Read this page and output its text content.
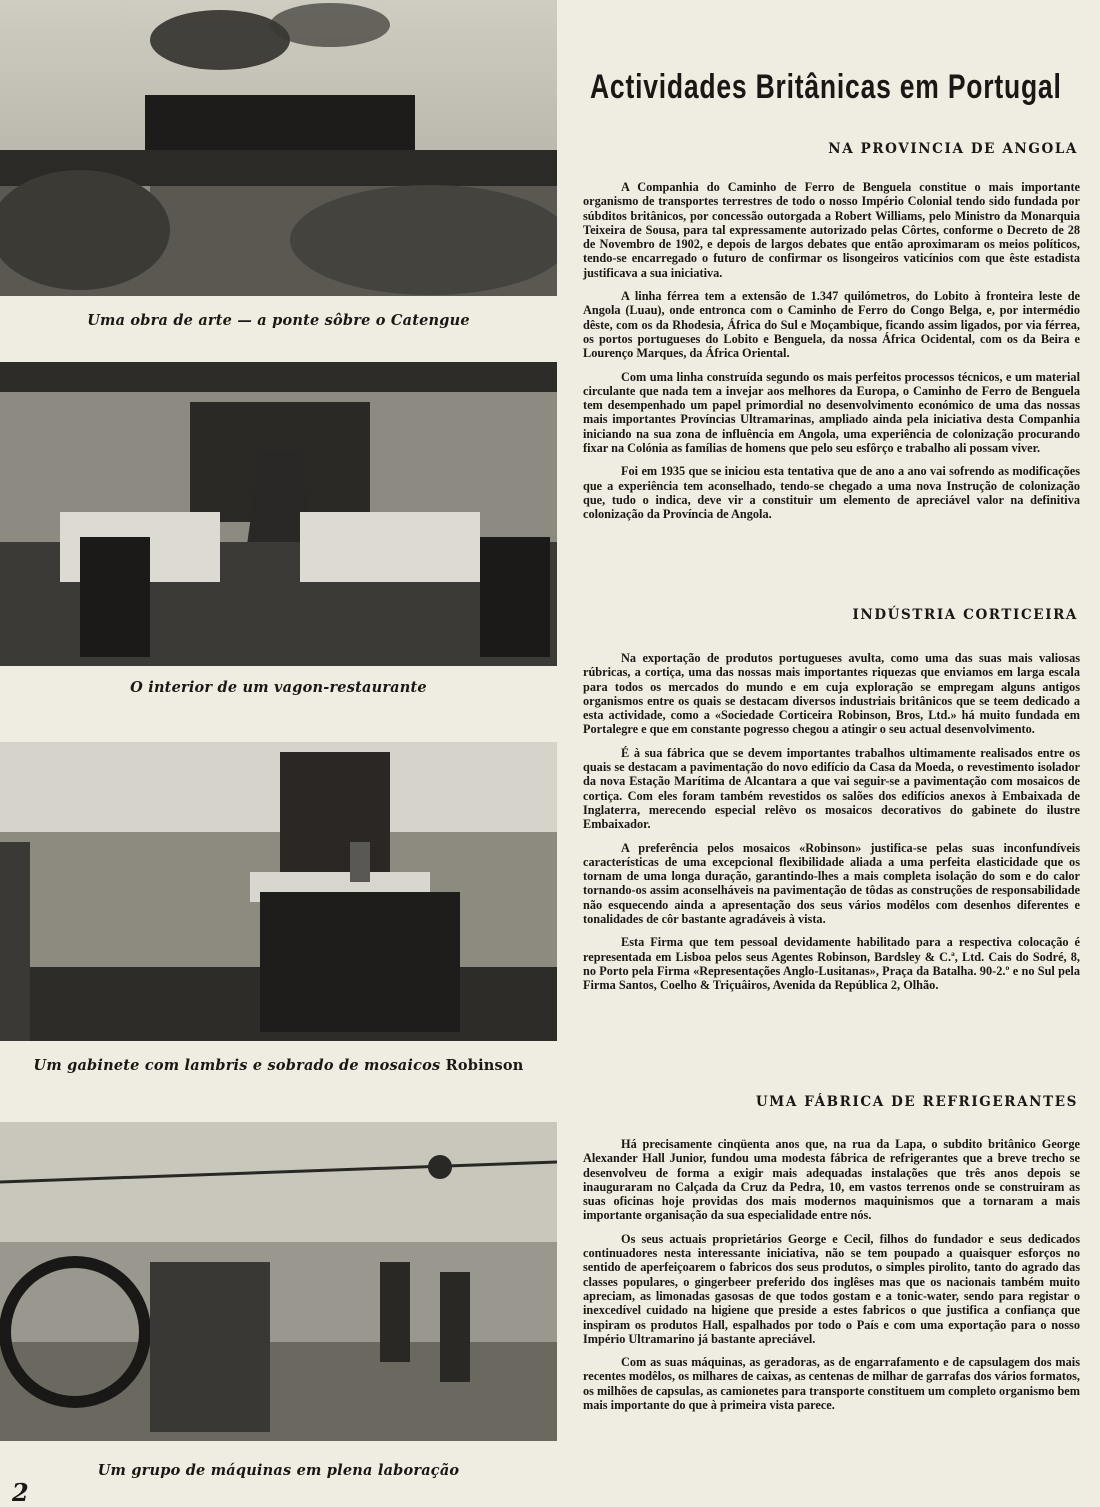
Uma obra de arte — a ponte sôbre o Catengue
O interior de um vagon-restaurante
Um gabinete com lambris e sobrado de mosaicos Robinson
Um grupo de máquinas em plena laboração
2
Actividades Britânicas em Portugal
NA PROVINCIA DE ANGOLA

A Companhia do Caminho de Ferro de Benguela constitue o mais importante organismo de transportes terrestres de todo o nosso Império Colonial tendo sido fundada por súbditos britânicos, por concessão outorgada a Robert Williams, pelo Ministro da Monarquia Teixeira de Sousa, para tal expressamente autorizado pelas Côrtes, conforme o Decreto de 28 de Novembro de 1902, e depois de largos debates que então aproximaram os meios políticos, tendo-se encarregado o futuro de confirmar os lisongeiros vaticínios com que êste estadista justificava a sua iniciativa.

A linha férrea tem a extensão de 1.347 quilómetros, do Lobito à fronteira leste de Angola (Luau), onde entronca com o Caminho de Ferro do Congo Belga, e, por intermédio dêste, com os da Rhodesia, África do Sul e Moçambique, ficando assim ligados, por via férrea, os portos portugueses do Lobito e Benguela, da nossa África Ocidental, com os da Beira e Lourenço Marques, da África Oriental.

Com uma linha construída segundo os mais perfeitos processos técnicos, e um material circulante que nada tem a invejar aos melhores da Europa, o Caminho de Ferro de Benguela tem desempenhado um papel primordial no desenvolvimento económico de uma das nossas mais importantes Províncias Ultramarinas, ampliado ainda pela iniciativa desta Companhia iniciando na sua zona de influência em Angola, uma experiência de colonização procurando fixar na Colónia as famílias de homens que pelo seu esfôrço e trabalho ali possam viver.

Foi em 1935 que se iniciou esta tentativa que de ano a ano vai sofrendo as modificações que a experiência tem aconselhado, tendo-se chegado a uma nova Instrução de colonização que, tudo o indica, deve vir a constituir um elemento de apreciável valor na definitiva colonização da Província de Angola.

INDÚSTRIA CORTICEIRA

Na exportação de produtos portugueses avulta, como uma das suas mais valiosas rúbricas, a cortiça, uma das nossas mais importantes riquezas que enviamos em larga escala para todos os mercados do mundo e em cuja exploração se empregam alguns antigos organismos entre os quais se destacam diversos industriais britânicos que se teem dedicado a esta actividade, como a «Sociedade Corticeira Robinson, Bros, Ltd.» há muito fundada em Portalegre e que em constante pogresso chegou a atingir o seu actual desenvolvimento.

É à sua fábrica que se devem importantes trabalhos ultimamente realisados entre os quais se destacam a pavimentação do novo edifício da Casa da Moeda, o revestimento isolador da nova Estação Marítima de Alcantara a que vai seguir-se a pavimentação com mosaicos de cortiça. Com eles foram também revestidos os salões dos edifícios anexos à Embaixada de Inglaterra, merecendo especial relêvo os mosaicos decorativos do gabinete do ilustre Embaixador.

A preferência pelos mosaicos «Robinson» justifica-se pelas suas inconfundíveis características de uma excepcional flexibilidade aliada a uma perfeita elasticidade que os tornam de uma longa duração, garantindo-lhes a mais completa isolação do som e do calor tornando-os assim aconselháveis na pavimentação de tôdas as construções de responsabilidade não esquecendo ainda a apresentação dos seus vários modêlos com desenhos diferentes e tonalidades de côr bastante agradáveis à vista.

Esta Firma que tem pessoal devidamente habilitado para a respectiva colocação é representada em Lisboa pelos seus Agentes Robinson, Bardsley & C.ª, Ltd. Cais do Sodré, 8, no Porto pela Firma «Representações Anglo-Lusitanas», Praça da Batalha. 90-2.º e no Sul pela Firma Santos, Coelho & Triçuâiros, Avenida da República 2, Olhão.

UMA FÁBRICA DE REFRIGERANTES

Há precisamente cinqüenta anos que, na rua da Lapa, o subdito britânico George Alexander Hall Junior, fundou uma modesta fábrica de refrigerantes que a breve trecho se desenvolveu de forma a exigir mais adequadas instalações que três anos depois se inauguraram no Calçada da Cruz da Pedra, 10, em vastos terrenos onde se construiram as suas oficinas hoje providas dos mais modernos maquinismos que a tornaram a mais importante organisação da sua especialidade entre nós.

Os seus actuais proprietários George e Cecil, filhos do fundador e seus dedicados continuadores nesta interessante iniciativa, não se tem poupado a quaisquer esforços no sentido de aperfeiçoarem o fabricos dos seus produtos, o simples pirolito, tanto do agrado das classes populares, o gingerbeer preferido dos inglêses mas que os nacionais também muito apreciam, as limonadas gasosas de que todos gostam e a tonic-water, sendo para registar o inexcedível cuidado na higiene que preside a estes fabricos o que justifica a confiança que inspiram os produtos Hall, espalhados por todo o País e com uma exportação para o nosso Império Ultramarino já bastante apreciável.

Com as suas máquinas, as geradoras, as de engarrafamento e de capsulagem dos mais recentes modêlos, os milhares de caixas, as centenas de milhar de garrafas dos vários formatos, os milhões de capsulas, as camionetes para transporte constituem um completo organismo bem mais importante do que à primeira vista parece.
